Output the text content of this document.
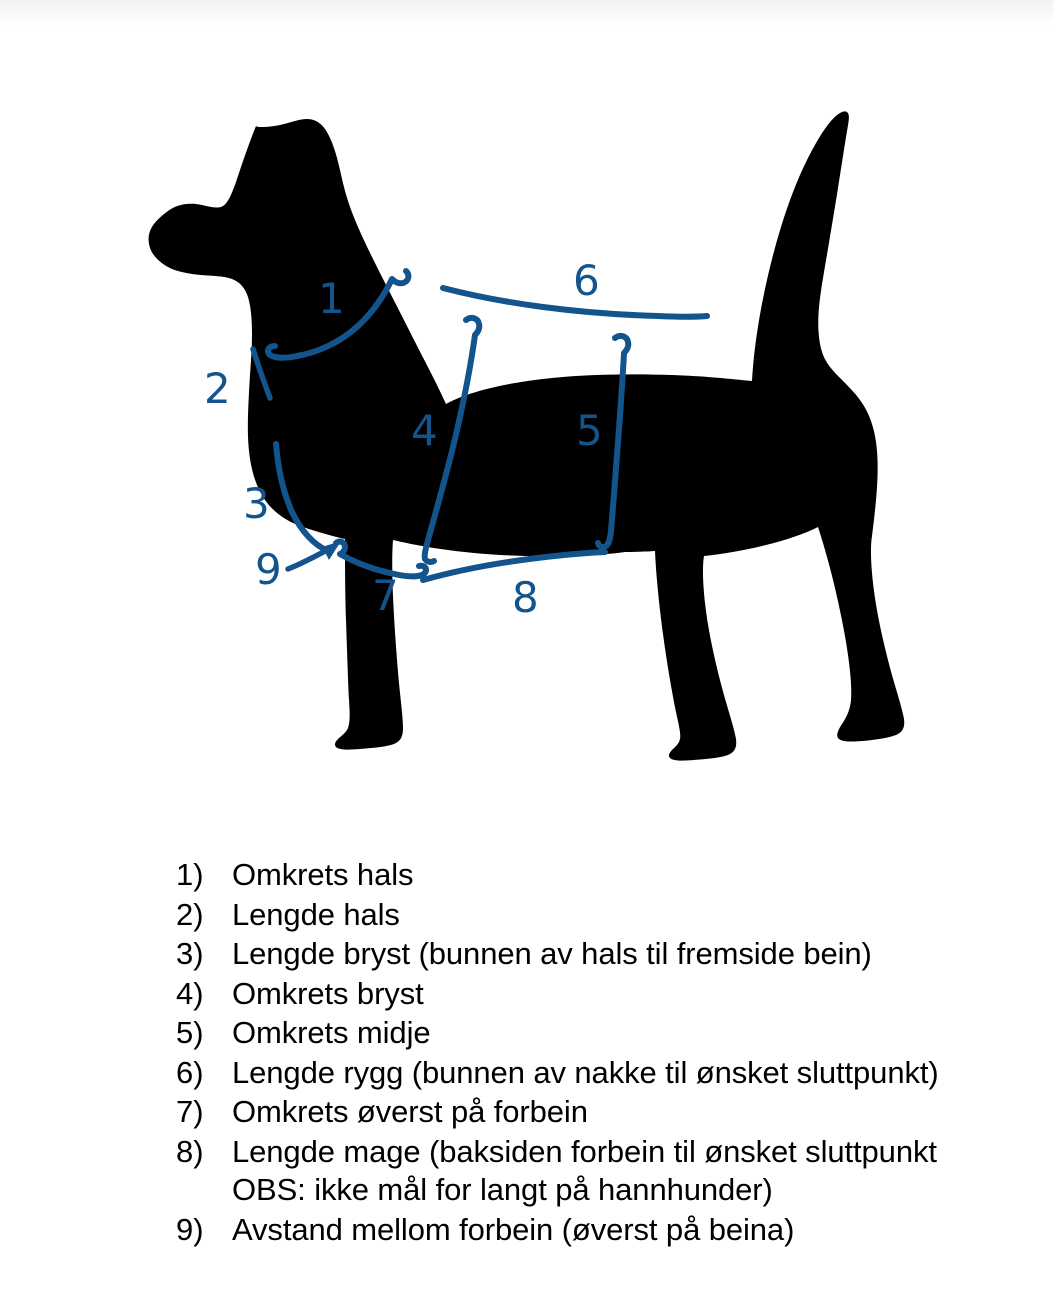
1
2
3
4	5
6
7	8
9
1) Omkrets hals
2) Lengde hals
3) Lengde bryst (bunnen av hals til fremside bein)
4) Omkrets bryst
5) Omkrets midje
6) Lengde rygg (bunnen av nakke til ønsket sluttpunkt)
7) Omkrets øverst på forbein
8) Lengde mage (baksiden forbein til ønsket sluttpunkt
OBS: ikke mål for langt på hannhunder)
9) Avstand mellom forbein (øverst på beina)
